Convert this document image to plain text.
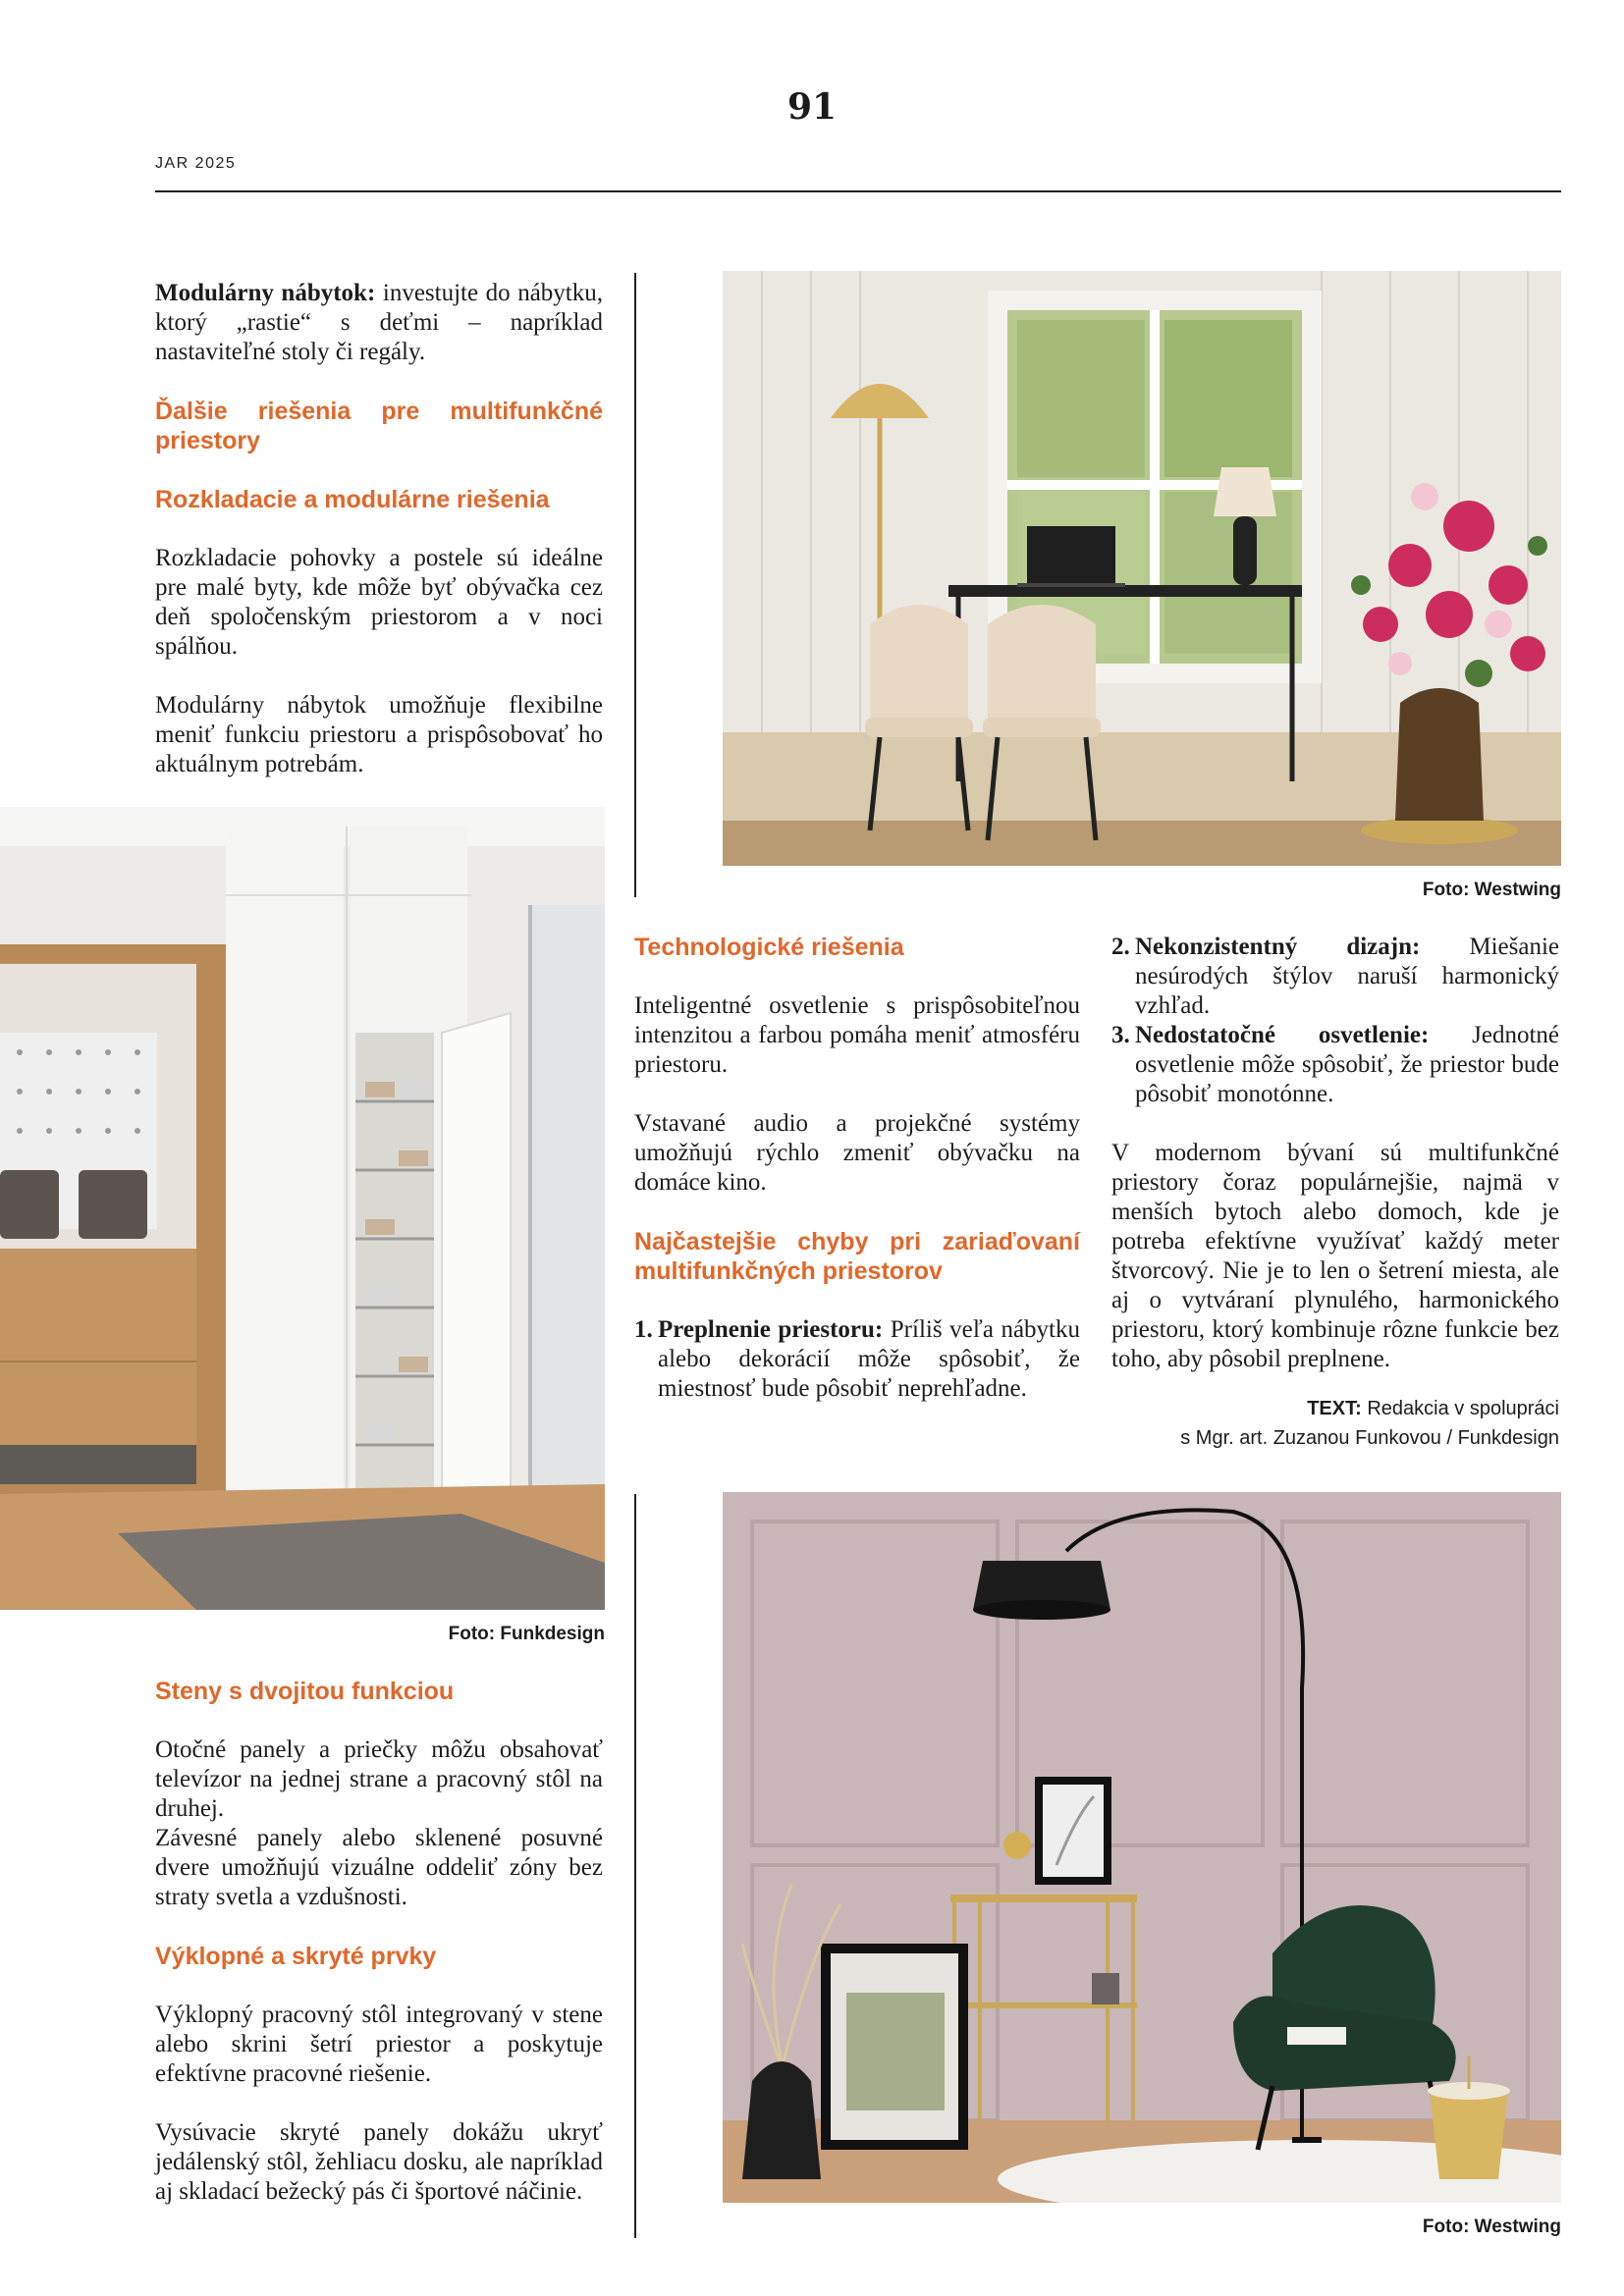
91
JAR 2025

Modulárny nábytok: investujte do nábytku, ktorý „rastie“ s deťmi – napríklad nastaviteľné stoly či regály.

Ďalšie riešenia pre multifunkčné priestory

Rozkladacie a modulárne riešenia

Rozkladacie pohovky a postele sú ideálne pre malé byty, kde môže byť obývačka cez deň spoločenským priestorom a v noci spálňou.

Modulárny nábytok umožňuje flexibilne meniť funkciu priestoru a prispôsobovať ho aktuálnym potrebám.

Foto: Westwing
Foto: Funkdesign

Technologické riešenia

Inteligentné osvetlenie s prispôsobiteľnou intenzitou a farbou pomáha meniť atmosféru priestoru.

Vstavané audio a projekčné systémy umožňujú rýchlo zmeniť obývačku na domáce kino.

Najčastejšie chyby pri zariaďovaní multifunkčných priestorov

1. Preplnenie priestoru: Príliš veľa nábytku alebo dekorácií môže spôsobiť, že miestnosť bude pôsobiť neprehľadne.

2. Nekonzistentný dizajn: Miešanie nesúrodých štýlov naruší harmonický vzhľad.

3. Nedostatočné osvetlenie: Jednotné osvetlenie môže spôsobiť, že priestor bude pôsobiť monotónne.

V modernom bývaní sú multifunkčné priestory čoraz populárnejšie, najmä v menších bytoch alebo domoch, kde je potreba efektívne využívať každý meter štvorcový. Nie je to len o šetrení miesta, ale aj o vytváraní plynulého, harmonického priestoru, ktorý kombinuje rôzne funkcie bez toho, aby pôsobil preplnene.

TEXT: Redakcia v spolupráci
s Mgr. art. Zuzanou Funkovou / Funkdesign

Steny s dvojitou funkciou

Otočné panely a priečky môžu obsahovať televízor na jednej strane a pracovný stôl na druhej.

Závesné panely alebo sklenené posuvné dvere umožňujú vizuálne oddeliť zóny bez straty svetla a vzdušnosti.

Výklopné a skryté prvky

Výklopný pracovný stôl integrovaný v stene alebo skrini šetrí priestor a poskytuje efektívne pracovné riešenie.

Vysúvacie skryté panely dokážu ukryť jedálenský stôl, žehliacu dosku, ale napríklad aj skladací bežecký pás či športové náčinie.

Foto: Westwing
